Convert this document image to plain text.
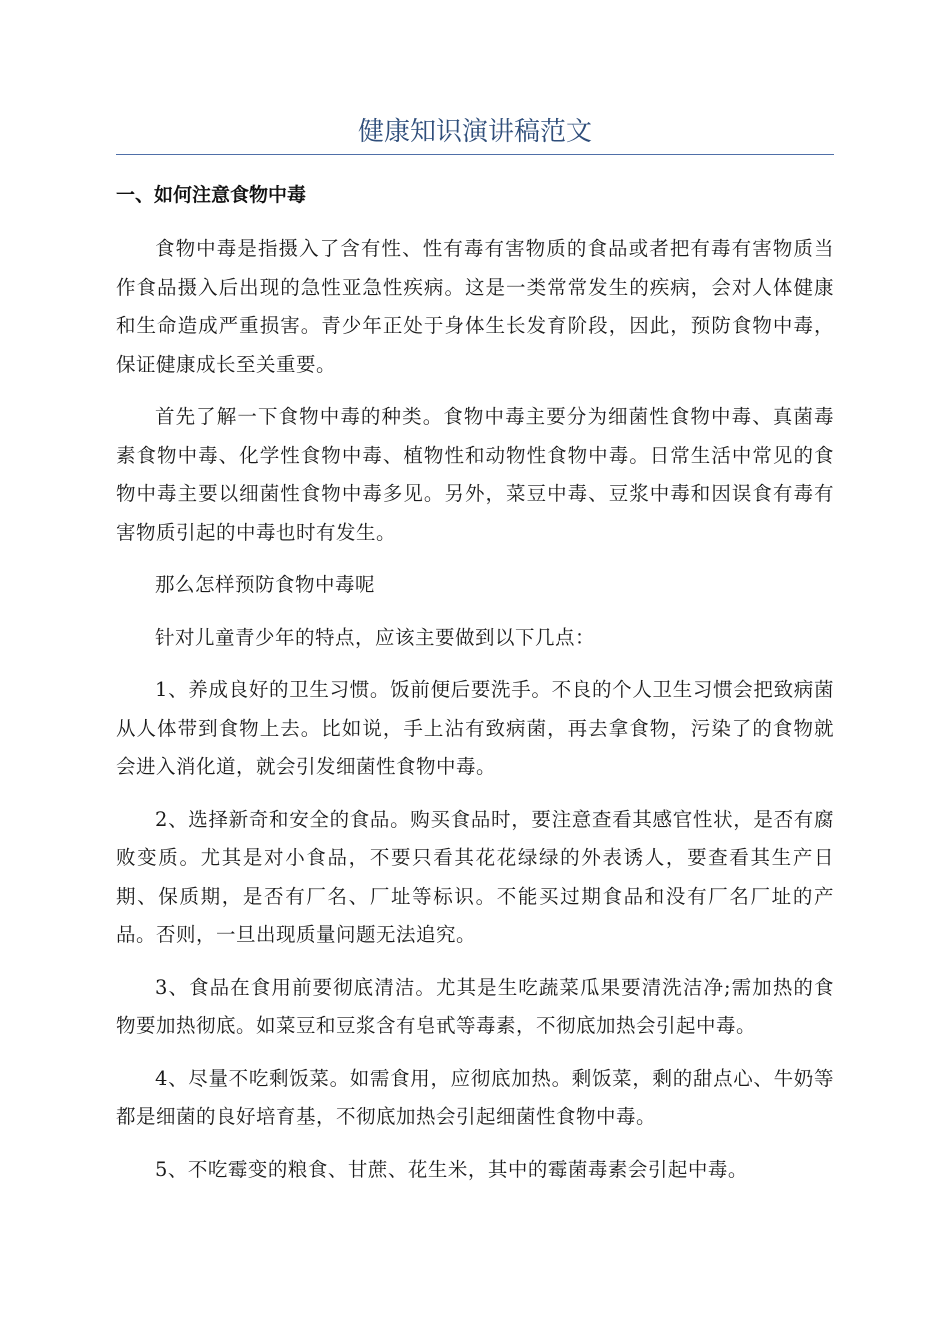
健康知识演讲稿范文
一、如何注意食物中毒

食物中毒是指摄入了含有性、性有毒有害物质的食品或者把有毒有害物质当作食品摄入后出现的急性亚急性疾病。这是一类常常发生的疾病，会对人体健康和生命造成严重损害。青少年正处于身体生长发育阶段，因此，预防食物中毒，保证健康成长至关重要。

首先了解一下食物中毒的种类。食物中毒主要分为细菌性食物中毒、真菌毒素食物中毒、化学性食物中毒、植物性和动物性食物中毒。日常生活中常见的食物中毒主要以细菌性食物中毒多见。另外，菜豆中毒、豆浆中毒和因误食有毒有害物质引起的中毒也时有发生。

那么怎样预防食物中毒呢

针对儿童青少年的特点，应该主要做到以下几点：

1、养成良好的卫生习惯。饭前便后要洗手。不良的个人卫生习惯会把致病菌从人体带到食物上去。比如说，手上沾有致病菌，再去拿食物，污染了的食物就会进入消化道，就会引发细菌性食物中毒。

2、选择新奇和安全的食品。购买食品时，要注意查看其感官性状，是否有腐败变质。尤其是对小食品，不要只看其花花绿绿的外表诱人，要查看其生产日期、保质期，是否有厂名、厂址等标识。不能买过期食品和没有厂名厂址的产品。否则，一旦出现质量问题无法追究。

3、食品在食用前要彻底清洁。尤其是生吃蔬菜瓜果要清洗洁净;需加热的食物要加热彻底。如菜豆和豆浆含有皂甙等毒素，不彻底加热会引起中毒。

4、尽量不吃剩饭菜。如需食用，应彻底加热。剩饭菜，剩的甜点心、牛奶等都是细菌的良好培育基，不彻底加热会引起细菌性食物中毒。

5、不吃霉变的粮食、甘蔗、花生米，其中的霉菌毒素会引起中毒。
